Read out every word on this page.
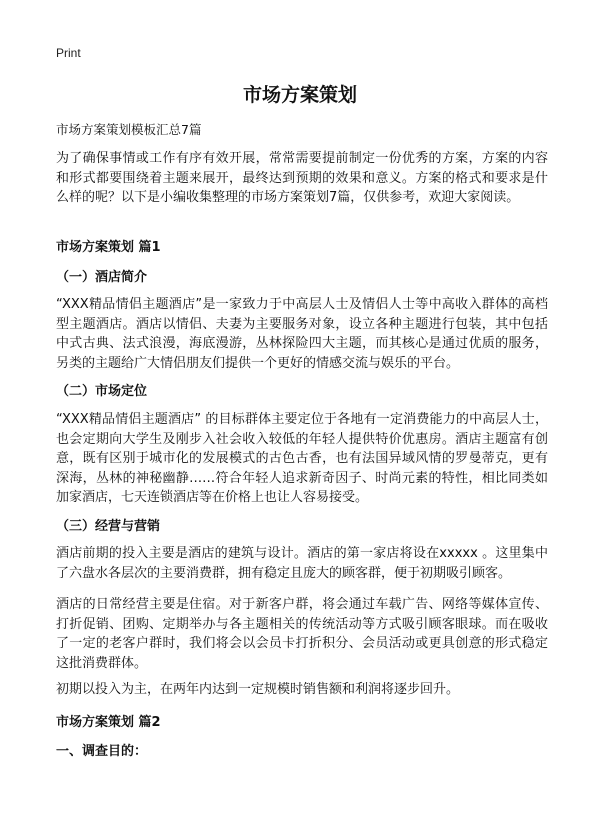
Print
市场方案策划
市场方案策划模板汇总7篇
为了确保事情或工作有序有效开展，常常需要提前制定一份优秀的方案，方案的内容和形式都要围绕着主题来展开，最终达到预期的效果和意义。方案的格式和要求是什么样的呢？以下是小编收集整理的市场方案策划7篇，仅供参考，欢迎大家阅读。
市场方案策划 篇1
（一）酒店简介
“XXX精品情侣主题酒店”是一家致力于中高层人士及情侣人士等中高收入群体的高档型主题酒店。酒店以情侣、夫妻为主要服务对象，设立各种主题进行包装，其中包括中式古典、法式浪漫，海底漫游，丛林探险四大主题，而其核心是通过优质的服务，另类的主题给广大情侣朋友们提供一个更好的情感交流与娱乐的平台。
（二）市场定位
“XXX精品情侣主题酒店” 的目标群体主要定位于各地有一定消费能力的中高层人士，也会定期向大学生及刚步入社会收入较低的年轻人提供特价优惠房。酒店主题富有创意，既有区别于城市化的发展模式的古色古香，也有法国异域风情的罗曼蒂克，更有深海，丛林的神秘幽静……符合年轻人追求新奇因子、时尚元素的特性，相比同类如加家酒店，七天连锁酒店等在价格上也让人容易接受。
（三）经营与营销
酒店前期的投入主要是酒店的建筑与设计。酒店的第一家店将设在xxxxx 。这里集中了六盘水各层次的主要消费群，拥有稳定且庞大的顾客群，便于初期吸引顾客。
酒店的日常经营主要是住宿。对于新客户群，将会通过车载广告、网络等媒体宣传、打折促销、团购、定期举办与各主题相关的传统活动等方式吸引顾客眼球。而在吸收了一定的老客户群时，我们将会以会员卡打折积分、会员活动或更具创意的形式稳定这批消费群体。
初期以投入为主，在两年内达到一定规模时销售额和利润将逐步回升。
市场方案策划 篇2
一、调查目的：
